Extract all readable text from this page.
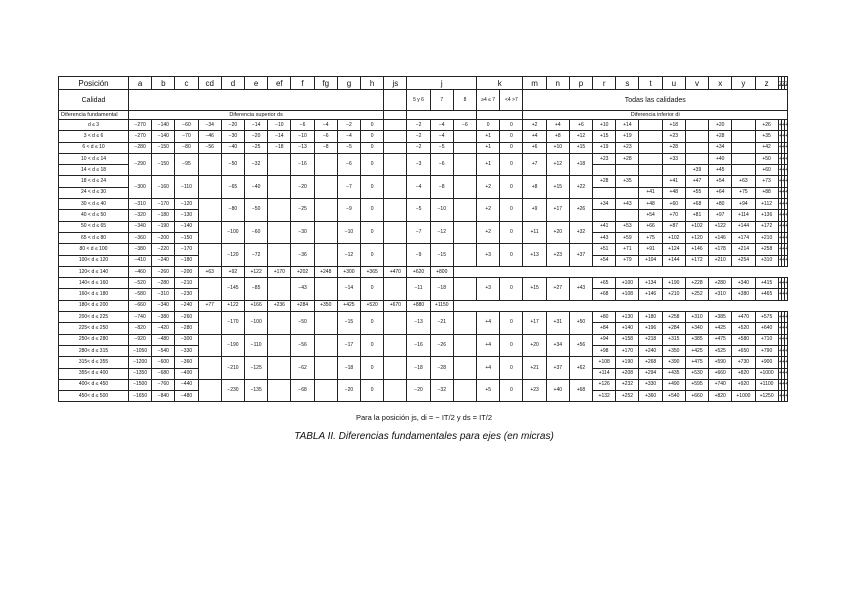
Posición	a	b	c	cd	d	e	ef	f	fg	g	h	js	j			k		m	n	p	r	s	t	u	v	x	y	z			
Calidad													5 y 6	7	8	≥4 ≤ 7	<4 >7	Todas las calidades													
Diferencia fundamental	Diferencia superior ds																	Diferencia inferior di													
d ≤ 3	−270	−140	−60	−34	−20	−14	−10	−6	−4	−2	0		−2	−4	−6	0	0	+2	+4	+6	+10	+14		+18		+20		+26			
3 < d ≤ 6	−270	−140	−70	−46	−30	−20	−14	−10	−6	−4	0		−2	−4		+1	0	+4	+8	+12	+15	+19		+23		+28		+35			
6 < d ≤ 10	−280	−150	−80	−56	−40	−25	−18	−13	−8	−5	0		−2	−5		+1	0	+6	+10	+15	+19	+23		+28		+34		+42			
10 < d ≤ 14	−290	−150	−95		−50	−32		−16		−6	0		−3	−6		+1	0	+7	+12	+18	+23	+28		+33		+40		+50			
14 < d ≤ 18																									+39	+45		+60			
18 < d ≤ 24	−300	−160	−110		−65	−40		−20		−7	0		−4	−8		+2	0	+8	+15	+22	+28	+35		+41	+47	+54	+63	+73			
24 < d ≤ 30																							+41	+48	+55	+64	+75	+88			
30 < d ≤ 40	−310	−170	−120		−80	−50		−25		−9	0		−5	−10		+2	0	+9	+17	+26	+34	+43	+48	+60	+68	+80	+94	+112			
40 < d ≤ 50	−320	−180	−130																				+54	+70	+81	+97	+114	+136			
50 < d ≤ 65	−340	−190	−140		−100	−60		−30		−10	0		−7	−12		+2	0	+11	+20	+32	+41	+53	+66	+87	+102	+122	+144	+172			
65 < d ≤ 80	−360	−200	−150																		+43	+59	+75	+102	+120	+146	+174	+210			
80 < d ≤ 100	−380	−220	−170		−120	−72		−36		−12	0		−9	−15		+3	0	+13	+23	+37	+51	+71	+91	+124	+146	+178	+214	+258			
100< d ≤ 120	−410	−240	−180																		+54	+79	+104	+144	+172	+210	+254	+310			
120< d ≤ 140	−460	−260	−200	+63	+92	+122	+170	+202	+248	+300	+365	+470	+620	+800																	
140< d ≤ 160	−520	−280	−210		−145	−85		−43		−14	0		−11	−18		+3	0	+15	+27	+43	+65	+100	+134	+190	+228	+280	+340	+415			
160< d ≤ 180	−580	−310	−230																		+68	+108	+146	+210	+252	+310	+380	+465			
180< d ≤ 200	−660	−340	−240	+77	+122	+166	+236	+284	+350	+425	+520	+670	+880	+1150																	
200< d ≤ 225	−740	−380	−260		−170	−100		−50		−15	0		−13	−21		+4	0	+17	+31	+50	+80	+130	+180	+258	+310	+385	+470	+575			
225< d ≤ 250	−820	−420	−280																		+84	+140	+196	+284	+340	+425	+520	+640			
250< d ≤ 280	−920	−480	−300		−190	−110		−56		−17	0		−16	−26		+4	0	+20	+34	+56	+94	+158	+218	+315	+385	+475	+580	+710			
280< d ≤ 315	−1050	−540	−330																		+98	+170	+240	+350	+425	+525	+650	+790			
315< d ≤ 355	−1200	−600	−360		−210	−125		−62		−18	0		−18	−28		+4	0	+21	+37	+62	+108	+190	+268	+390	+475	+590	+730	+900			
355< d ≤ 400	−1350	−680	−400																		+114	+208	+294	+435	+530	+660	+820	+1000			
400< d ≤ 450	−1500	−760	−440		−230	−135		−68		−20	0		−20	−32		+5	0	+23	+40	+68	+126	+232	+330	+490	+595	+740	+920	+1100			
450< d ≤ 500	−1650	−840	−480																		+132	+252	+360	+540	+660	+820	+1000	+1250			
Para la posición js, di = − IT/2 y ds = IT/2
TABLA II. Diferencias fundamentales para ejes (en micras)
